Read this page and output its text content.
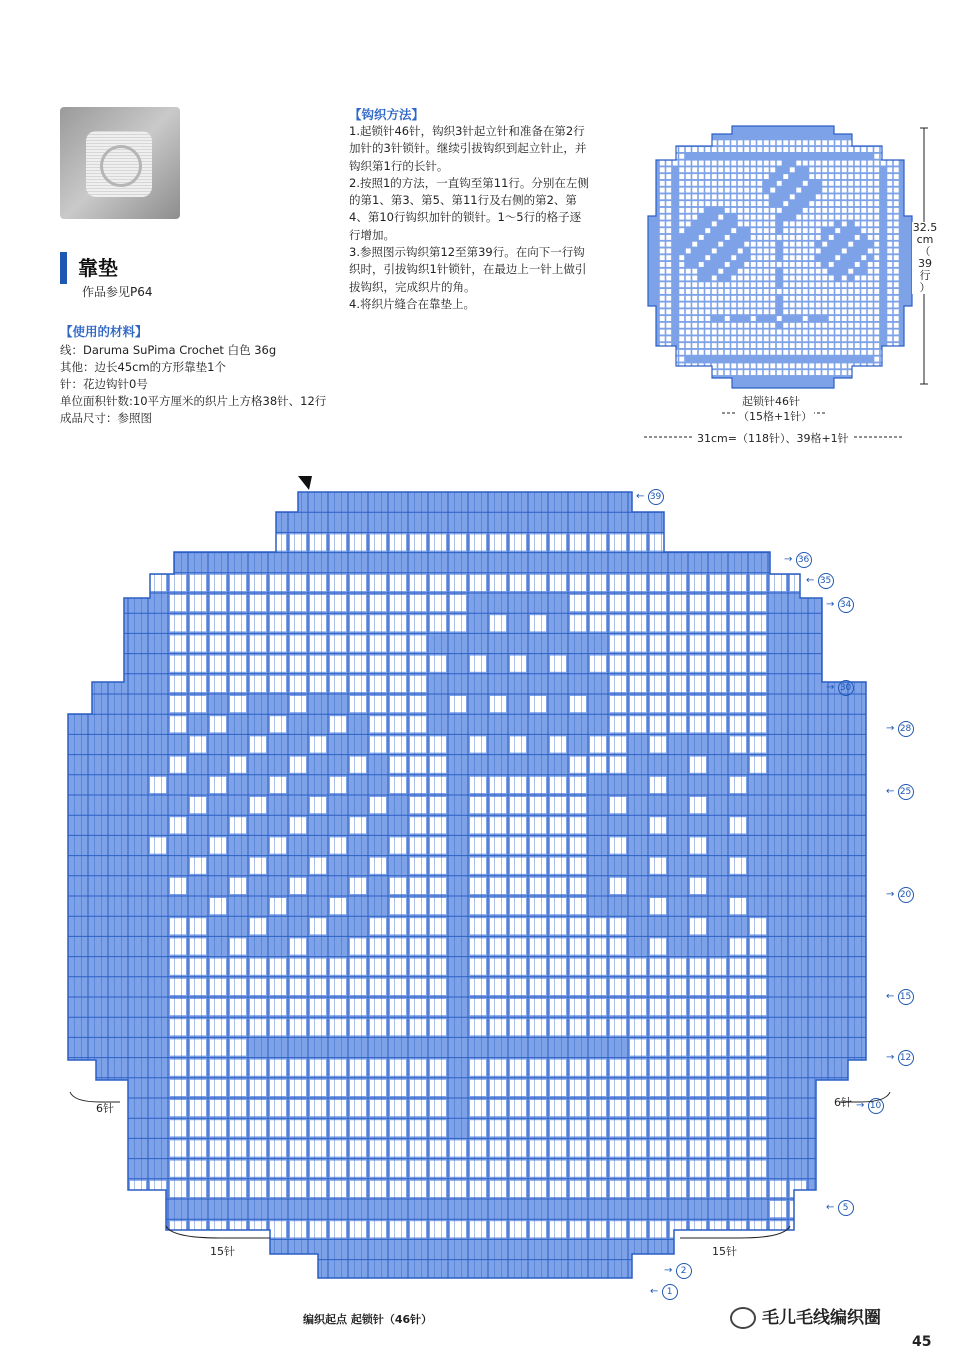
靠垫
作品参见P64
【使用的材料】
线：Daruma SuPima Crochet 白色 36g
其他：边长45cm的方形靠垫1个
针：花边钩针0号
单位面积针数:10平方厘米的织片上方格38针、12行
成品尺寸：参照图
【钩织方法】

1.起锁针46针，钩织3针起立针和准备在第2行加针的3针锁针。继续引拔钩织到起立针止，并钩织第1行的长针。

2.按照1的方法，一直钩至第11行。分别在左侧的第1、第3、第5、第11行及右侧的第2、第4、第10行钩织加针的锁针。1～5行的格子逐行增加。

3.参照图示钩织第12至第39行。在向下一行钩织时，引拔钩织1针锁针，在最边上一针上做引拔钩织，完成织片的角。

4.将织片缝合在靠垫上。

32.5
cm
（
39
行
）
起锁针46针
（15格+1针）
31cm=（118针）、39格+1针
← 39
→ 36
← 35
→ 34
→ 30
→ 28
← 25
→ 20
← 15
→ 12
→ 10
← 5
→ 2
← 1
6针	6针
15针	15针
编织起点 起锁针（46针）	毛儿毛线编织圈
45
